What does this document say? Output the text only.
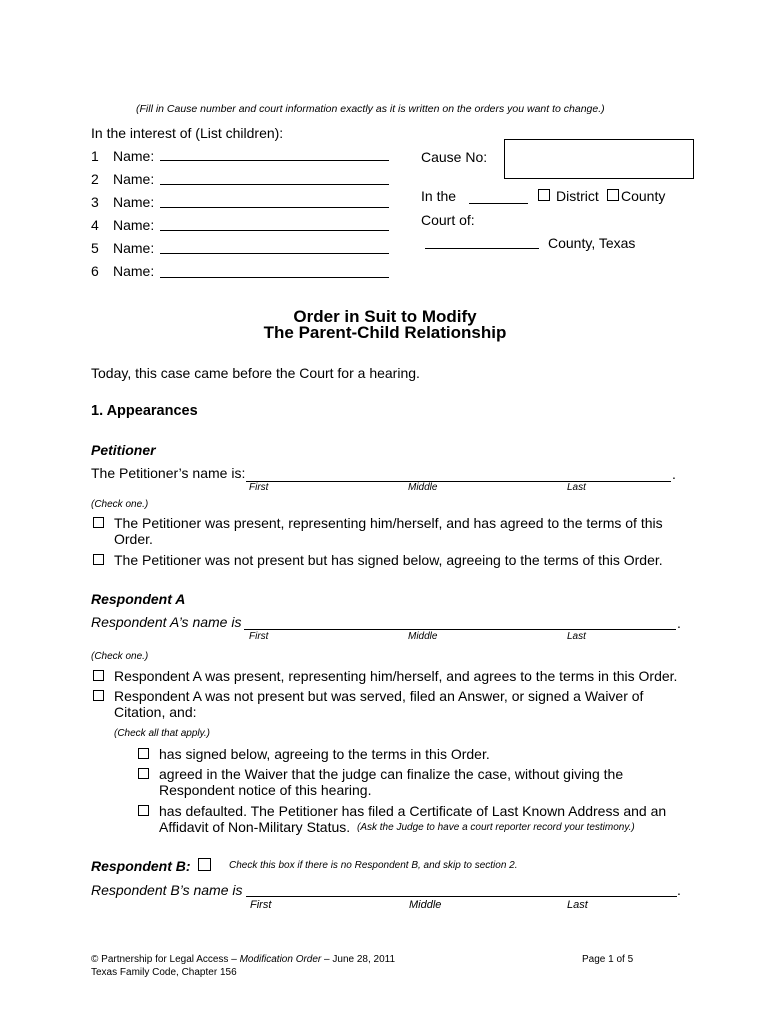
(Fill in Cause number and court information exactly as it is written on the orders you want to change.)
In the interest of (List children):
1 Name:
2 Name:
3 Name:
4 Name:
5 Name:
6 Name:
Cause No:
In the	District County
Court of:
County, Texas
Order in Suit to Modify
The Parent-Child Relationship
Today, this case came before the Court for a hearing.
1. Appearances
Petitioner
The Petitioner’s name is:	.
First	Middle	Last
(Check one.)
The Petitioner was present, representing him/herself, and has agreed to the terms of this
Order.
The Petitioner was not present but has signed below, agreeing to the terms of this Order.
Respondent A
Respondent A’s name is	.
First	Middle	Last
(Check one.)
Respondent A was present, representing him/herself, and agrees to the terms in this Order.
Respondent A was not present but was served, filed an Answer, or signed a Waiver of
Citation, and:
(Check all that apply.)
has signed below, agreeing to the terms in this Order.
agreed in the Waiver that the judge can finalize the case, without giving the
Respondent notice of this hearing.
has defaulted. The Petitioner has filed a Certificate of Last Known Address and an
Affidavit of Non-Military Status. (Ask the Judge to have a court reporter record your testimony.)
Respondent B:	Check this box if there is no Respondent B, and skip to section 2.
Respondent B’s name is	.
First	Middle	Last
© Partnership for Legal Access – Modification Order – June 28, 2011
Texas Family Code, Chapter 156
Page 1 of 5
